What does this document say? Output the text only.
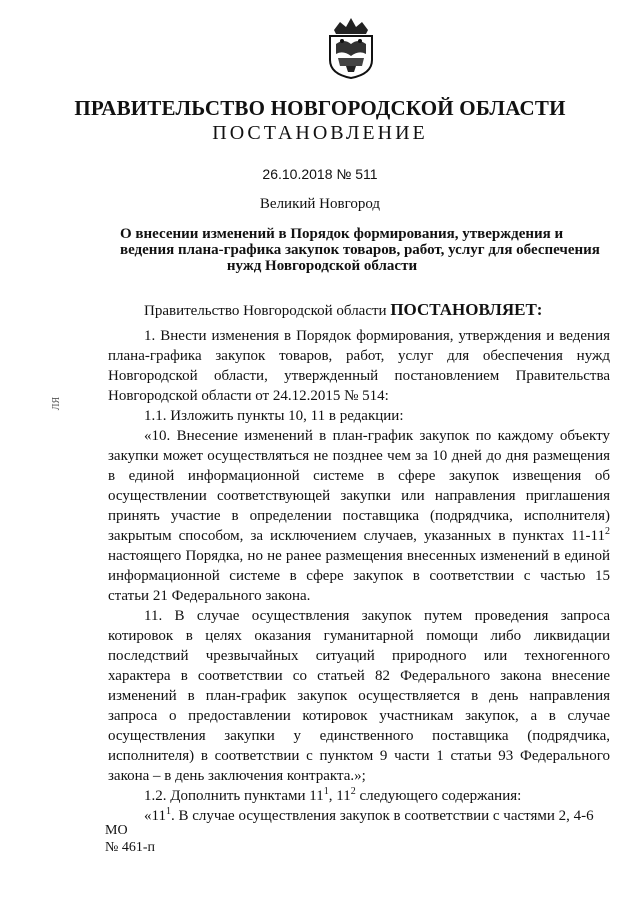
ПРАВИТЕЛЬСТВО НОВГОРОДСКОЙ ОБЛАСТИ
ПОСТАНОВЛЕНИЕ
26.10.2018 № 511
Великий Новгород
О внесении изменений в Порядок формирования, утверждения и
ведения плана-графика закупок товаров, работ, услуг для обеспечения
нужд Новгородской области
Правительство Новгородской области ПОСТАНОВЛЯЕТ:
1. Внести изменения в Порядок формирования, утверждения и ведения
плана-графика закупок товаров, работ, услуг для обеспечения нужд
Новгородской области, утвержденный постановлением Правительства
Новгородской области от 24.12.2015 № 514:
1.1. Изложить пункты 10, 11 в редакции:
«10. Внесение изменений в план-график закупок по каждому объекту
закупки может осуществляться не позднее чем за 10 дней до дня размещения
в единой информационной системе в сфере закупок извещения об
осуществлении соответствующей закупки или направления приглашения
принять участие в определении поставщика (подрядчика, исполнителя)
закрытым способом, за исключением случаев, указанных в пунктах $11-11^2$
настоящего Порядка, но не ранее размещения внесенных изменений в единой
информационной системе в сфере закупок в соответствии с частью 15
статьи 21 Федерального закона.
11. В случае осуществления закупок путем проведения запроса
котировок в целях оказания гуманитарной помощи либо ликвидации
последствий чрезвычайных ситуаций природного или техногенного
характера в соответствии со статьей 82 Федерального закона внесение
изменений в план-график закупок осуществляется в день направления
запроса о предоставлении котировок участникам закупок, а в случае
осуществления закупки у единственного поставщика (подрядчика,
исполнителя) в соответствии с пунктом 9 части 1 статьи 93 Федерального
закона – в день заключения контракта.»;
1.2. Дополнить пунктами $11^1$, $11^2$ следующего содержания:
«$11^1$. В случае осуществления закупок в соответствии с частями 2, 4-6
ЛЯ
МО
№ 461-п
